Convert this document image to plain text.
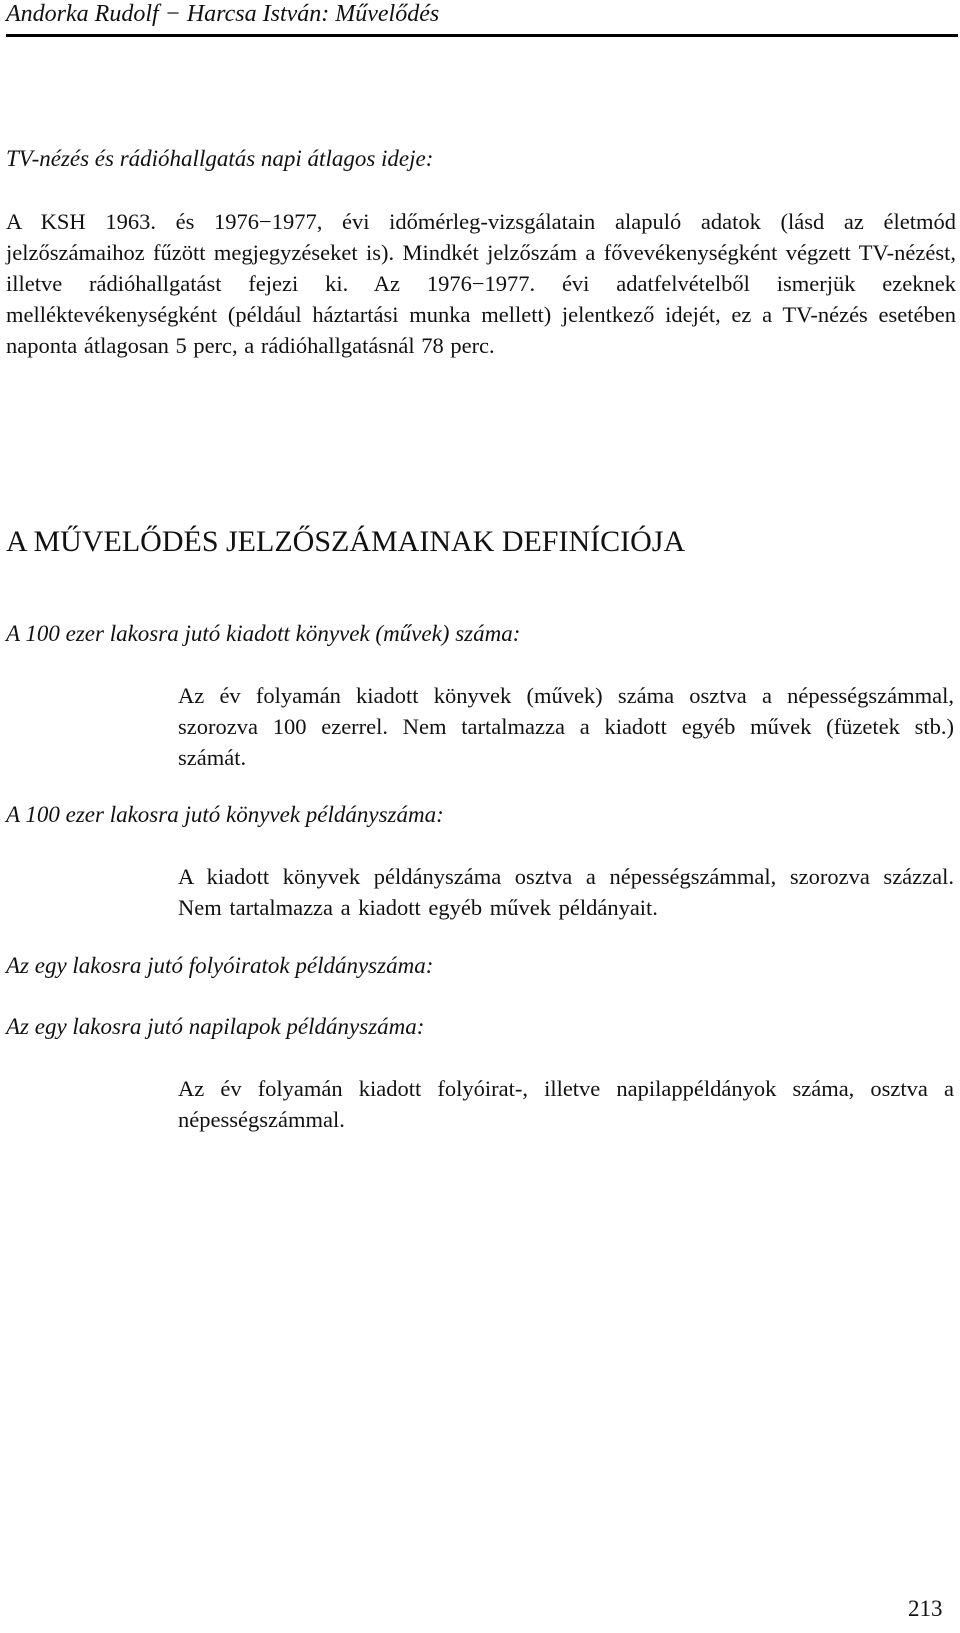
Andorka Rudolf − Harcsa István: Művelődés
TV-nézés és rádióhallgatás napi átlagos ideje:
A KSH 1963. és 1976−1977, évi időmérleg-vizsgálatain alapuló adatok (lásd az életmód jelzőszámaihoz fűzött megjegyzéseket is). Mindkét jelzőszám a fővevékenységként végzett TV-nézést, illetve rádióhallgatást fejezi ki. Az 1976−1977. évi adatfelvételből ismerjük ezeknek melléktevékenységként (például háztartási munka mellett) jelentkező idejét, ez a TV-nézés esetében naponta átlagosan 5 perc, a rádióhallgatásnál 78 perc.
A MŰVELŐDÉS JELZŐSZÁMAINAK DEFINÍCIÓJA
A 100 ezer lakosra jutó kiadott könyvek (művek) száma:
Az év folyamán kiadott könyvek (művek) száma osztva a népességszámmal, szorozva 100 ezerrel. Nem tartalmazza a kiadott egyéb művek (füzetek stb.) számát.
A 100 ezer lakosra jutó könyvek példányszáma:
A kiadott könyvek példányszáma osztva a népességszámmal, szorozva százzal. Nem tartalmazza a kiadott egyéb művek példányait.
Az egy lakosra jutó folyóiratok példányszáma:
Az egy lakosra jutó napilapok példányszáma:
Az év folyamán kiadott folyóirat-, illetve napilappéldányok száma, osztva a népességszámmal.
213
